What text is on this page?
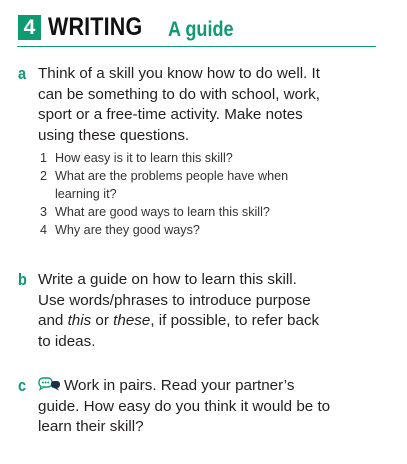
4 WRITING A guide
a Think of a skill you know how to do well. It

can be something to do with school, work,

sport or a free-time activity. Make notes

using these questions.

1 How easy is it to learn this skill?
2 What are the problems people have when
learning it?
3 What are good ways to learn this skill?
4 Why are they good ways?
b Write a guide on how to learn this skill.

Use words/phrases to introduce purpose

and this or these, if possible, to refer back

to ideas.

c	Work in pairs. Read your partner’s

guide. How easy do you think it would be to

learn their skill?
